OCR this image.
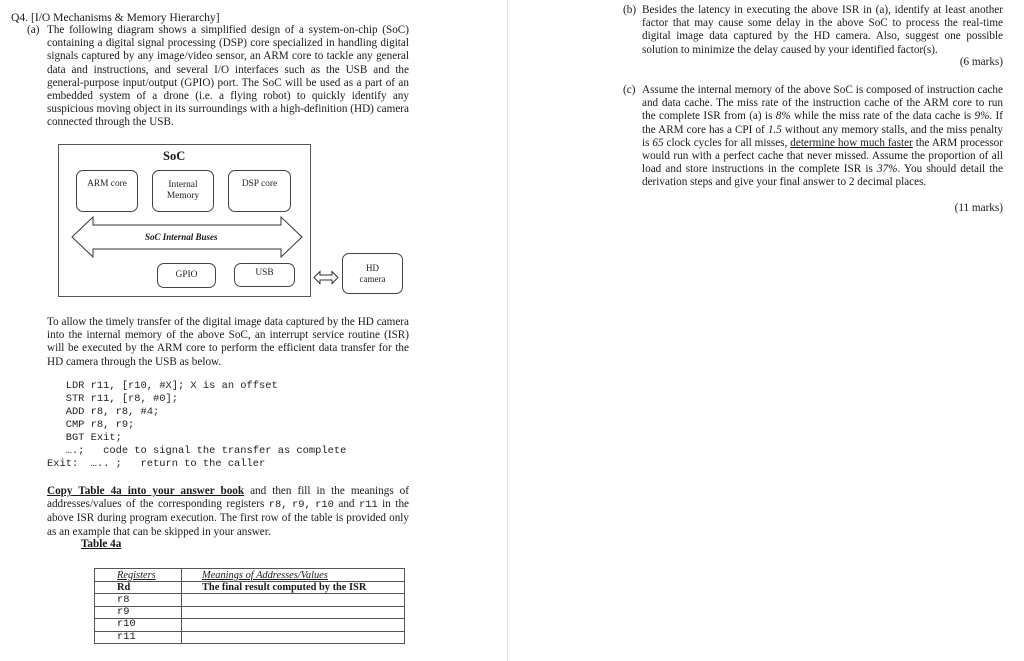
Q4. [I/O Mechanisms & Memory Hierarchy]
(a) The following diagram shows a simplified design of a system-on-chip (SoC) containing a digital signal processing (DSP) core specialized in handling digital signals captured by any image/video sensor, an ARM core to tackle any general data and instructions, and several I/O interfaces such as the USB and the general-purpose input/output (GPIO) port. The SoC will be used as a part of an embedded system of a drone (i.e. a flying robot) to quickly identify any suspicious moving object in its surroundings with a high-definition (HD) camera connected through the USB.
SoC
ARM core	Internal
Memory
DSP core
SoC Internal Buses
GPIO	USB
HD
camera
To allow the timely transfer of the digital image data captured by the HD camera into the internal memory of the above SoC, an interrupt service routine (ISR) will be executed by the ARM core to perform the efficient data transfer for the HD camera through the USB as below.
LDR r11, [r10, #X]; X is an offset
STR r11, [r8, #0];
ADD r8, r8, #4;
CMP r8, r9;
BGT Exit;
….;   code to signal the transfer as complete
Exit:  ….. ;   return to the caller
Copy Table 4a into your answer book and then fill in the meanings of addresses/values of the corresponding registers r8, r9, r10 and r11 in the above ISR during program execution. The first row of the table is provided only as an example that can be skipped in your answer.
Table 4a
Registers	Meanings of Addresses/Values
Rd	The final result computed by the ISR
r8	
r9	
r10	
r11	
(b) Besides the latency in executing the above ISR in (a), identify at least another factor that may cause some delay in the above SoC to process the real-time digital image data captured by the HD camera. Also, suggest one possible solution to minimize the delay caused by your identified factor(s).
(6 marks)
(c) Assume the internal memory of the above SoC is composed of instruction cache and data cache. The miss rate of the instruction cache of the ARM core to run the complete ISR from (a) is 8% while the miss rate of the data cache is 9%. If the ARM core has a CPI of 1.5 without any memory stalls, and the miss penalty is 65 clock cycles for all misses, determine how much faster the ARM processor would run with a perfect cache that never missed. Assume the proportion of all load and store instructions in the complete ISR is 37%. You should detail the derivation steps and give your final answer to 2 decimal places.
(11 marks)
